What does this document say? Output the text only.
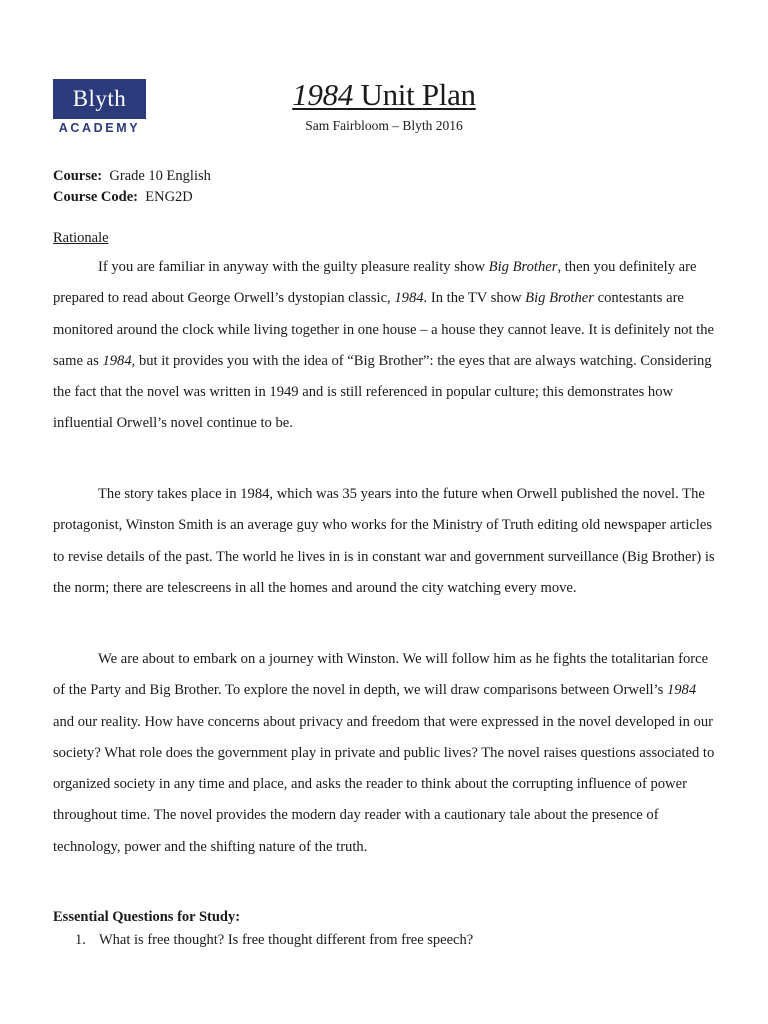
Blyth
ACADEMY
1984 Unit Plan

Sam Fairbloom – Blyth 2016

Course: Grade 10 English
Course Code: ENG2D
Rationale

If you are familiar in anyway with the guilty pleasure reality show Big Brother, then you definitely are prepared to read about George Orwell’s dystopian classic, 1984. In the TV show Big Brother contestants are monitored around the clock while living together in one house – a house they cannot leave. It is definitely not the same as 1984, but it provides you with the idea of “Big Brother”: the eyes that are always watching. Considering the fact that the novel was written in 1949 and is still referenced in popular culture; this demonstrates how influential Orwell’s novel continue to be.

The story takes place in 1984, which was 35 years into the future when Orwell published the novel. The protagonist, Winston Smith is an average guy who works for the Ministry of Truth editing old newspaper articles to revise details of the past. The world he lives in is in constant war and government surveillance (Big Brother) is the norm; there are telescreens in all the homes and around the city watching every move.

We are about to embark on a journey with Winston. We will follow him as he fights the totalitarian force of the Party and Big Brother. To explore the novel in depth, we will draw comparisons between Orwell’s 1984 and our reality. How have concerns about privacy and freedom that were expressed in the novel developed in our society? What role does the government play in private and public lives? The novel raises questions associated to organized society in any time and place, and asks the reader to think about the corrupting influence of power throughout time. The novel provides the modern day reader with a cautionary tale about the presence of technology, power and the shifting nature of the truth.

Essential Questions for Study:
1. What is free thought? Is free thought different from free speech?
